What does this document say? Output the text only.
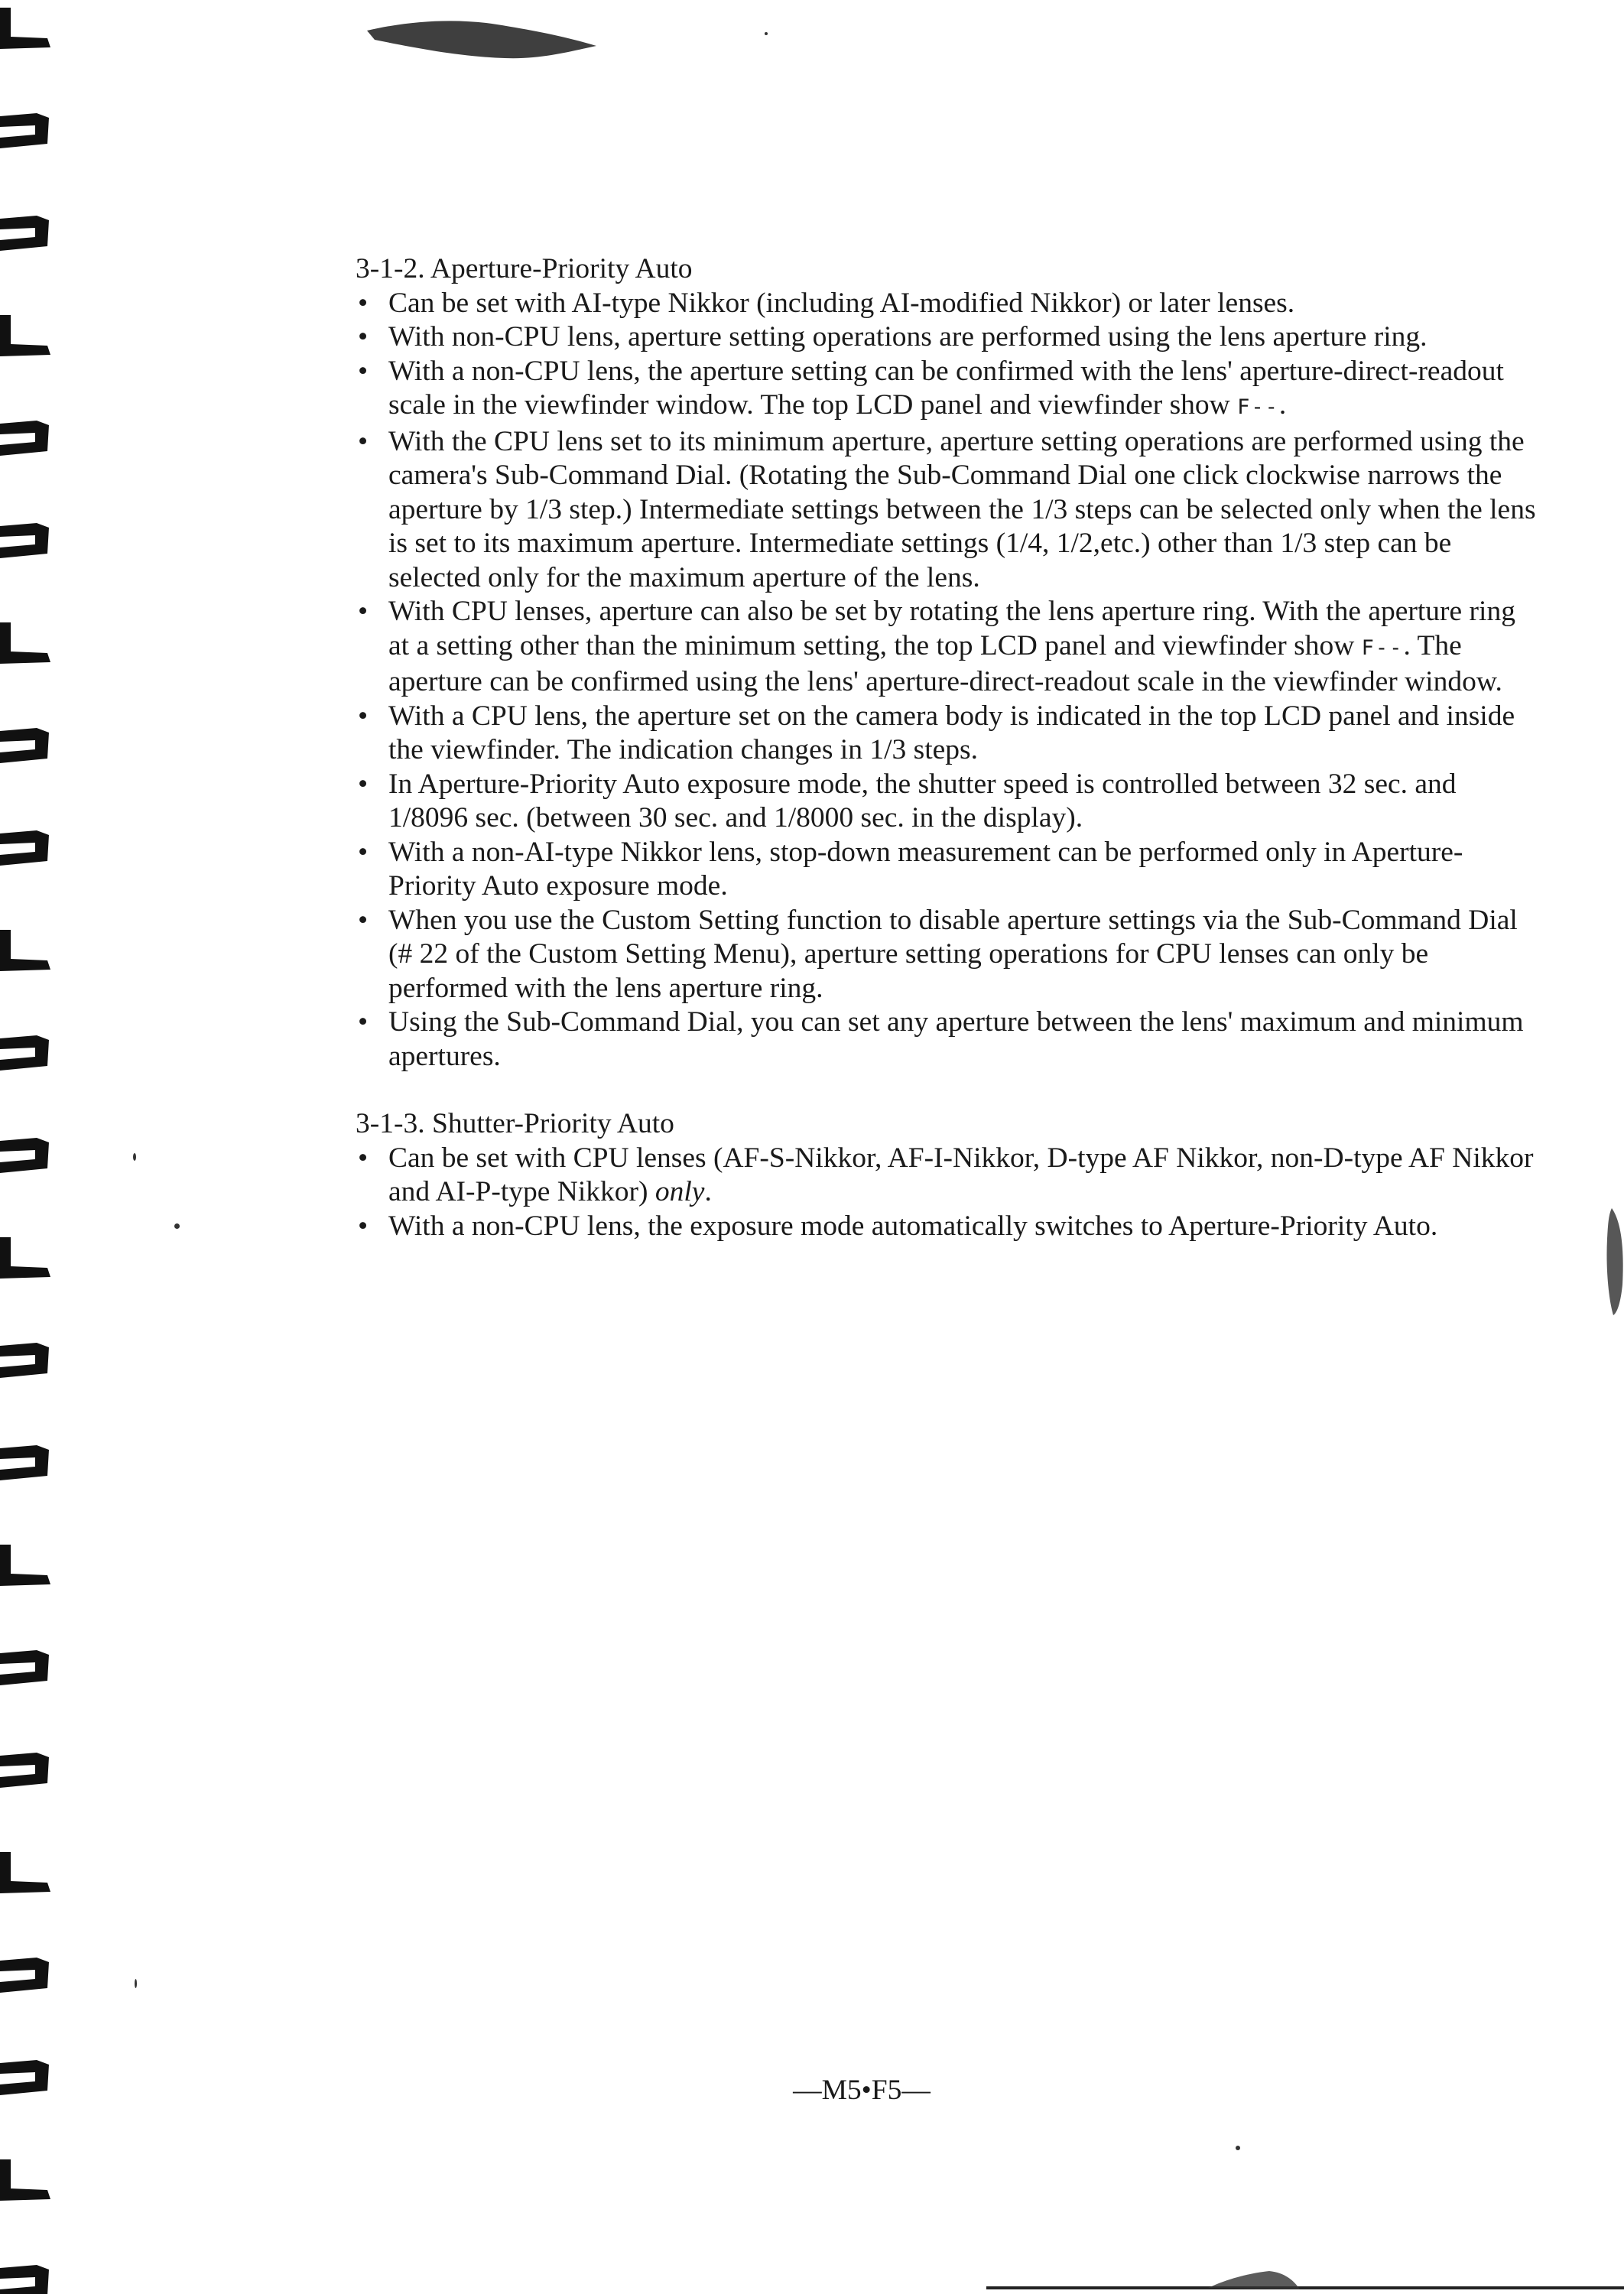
3-1-2. Aperture-Priority Auto
• Can be set with AI-type Nikkor (including AI-modified Nikkor) or later lenses.
• With non-CPU lens, aperture setting operations are performed using the lens aperture ring.
• With a non-CPU lens, the aperture setting can be confirmed with the lens' aperture-direct-readout scale in the viewfinder window. The top LCD panel and viewfinder show F--.
• With the CPU lens set to its minimum aperture, aperture setting operations are performed using the camera's Sub-Command Dial. (Rotating the Sub-Command Dial one click clockwise narrows the aperture by 1/3 step.) Intermediate settings between the 1/3 steps can be selected only when the lens is set to its maximum aperture. Intermediate settings (1/4, 1/2,etc.) other than 1/3 step can be selected only for the maximum aperture of the lens.
• With CPU lenses, aperture can also be set by rotating the lens aperture ring. With the aperture ring at a setting other than the minimum setting, the top LCD panel and viewfinder show F--. The aperture can be confirmed using the lens' aperture-direct-readout scale in the viewfinder window.
• With a CPU lens, the aperture set on the camera body is indicated in the top LCD panel and inside the viewfinder. The indication changes in 1/3 steps.
• In Aperture-Priority Auto exposure mode, the shutter speed is controlled between 32 sec. and 1/8096 sec. (between 30 sec. and 1/8000 sec. in the display).
• With a non-AI-type Nikkor lens, stop-down measurement can be performed only in Aperture-Priority Auto exposure mode.
• When you use the Custom Setting function to disable aperture settings via the Sub-Command Dial (# 22 of the Custom Setting Menu), aperture setting operations for CPU lenses can only be performed with the lens aperture ring.
• Using the Sub-Command Dial, you can set any aperture between the lens' maximum and minimum apertures.
3-1-3. Shutter-Priority Auto
• Can be set with CPU lenses (AF-S-Nikkor, AF-I-Nikkor, D-type AF Nikkor, non-D-type AF Nikkor and AI-P-type Nikkor) only.
• With a non-CPU lens, the exposure mode automatically switches to Aperture-Priority Auto.
—M5•F5—
